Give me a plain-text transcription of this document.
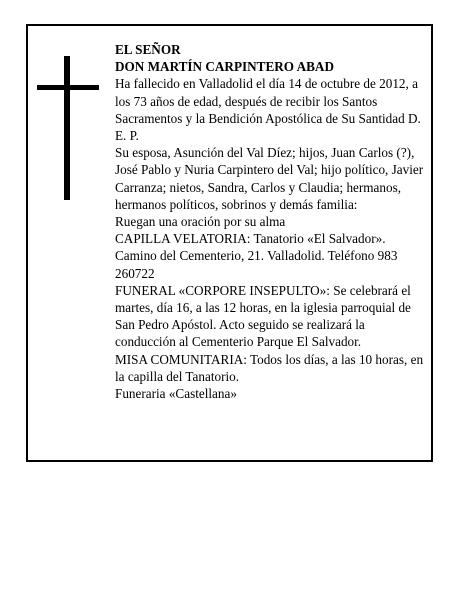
EL SEÑOR

DON MARTÍN CARPINTERO ABAD

Ha fallecido en Valladolid el día 14 de octubre de 2012, a los 73 años de edad, después de recibir los Santos Sacramentos y la Bendición Apostólica de Su Santidad D. E. P.

Su esposa, Asunción del Val Díez; hijos, Juan Carlos (?), José Pablo y Nuria Carpintero del Val; hijo político, Javier Carranza; nietos, Sandra, Carlos y Claudia; hermanos, hermanos políticos, sobrinos y demás familia:

Ruegan una oración por su alma

CAPILLA VELATORIA: Tanatorio «El Salvador». Camino del Cementerio, 21. Valladolid. Teléfono 983 260722

FUNERAL «CORPORE INSEPULTO»: Se celebrará el martes, día 16, a las 12 horas, en la iglesia parroquial de San Pedro Apóstol. Acto seguido se realizará la conducción al Cementerio Parque El Salvador.

MISA COMUNITARIA: Todos los días, a las 10 horas, en la capilla del Tanatorio.

Funeraria «Castellana»
